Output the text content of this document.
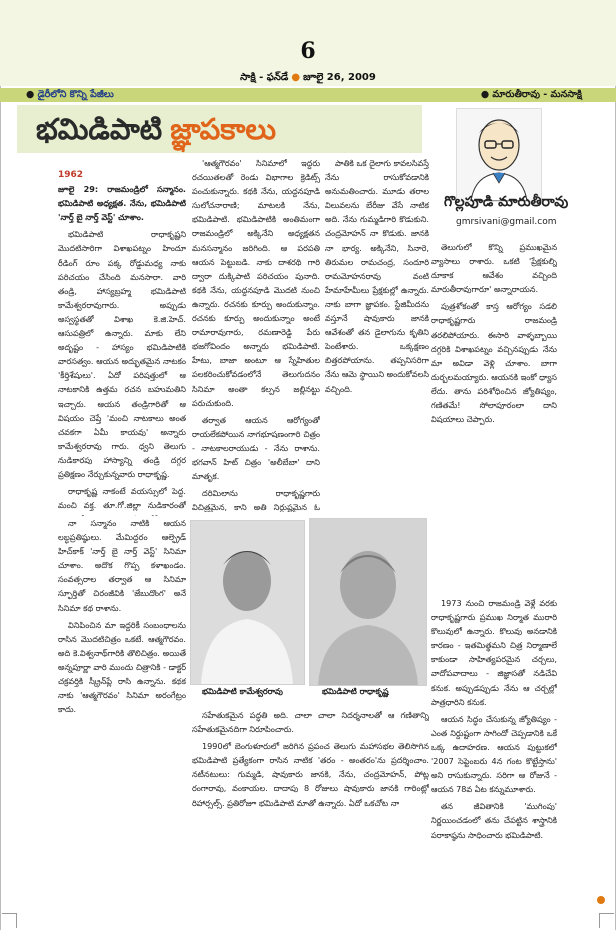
6
సాక్షి - ఫన్‌డే ● జూలై 26, 2009
● డైరీలోని కొన్ని పేజీలు	● మారుతీరావు - మనసాక్షి
భమిడిపాటి జ్ఞాపకాలు
గొల్లపూడి మారుతీరావు
gmrsivani@gmail.com
1962

జూలై 29: రాజమండ్రిలో సన్మానం. భమిడిపాటి అధ్యక్షత. నేను, భమిడిపాటి 'నార్త్ బై నార్త్ వెస్ట్' చూశాం.

భమిడిపాటి రాధాకృష్ణని మొదటిసారిగా విశాఖపట్నం హిందూ రీడింగ్ రూం పక్క రోడ్డుమధ్య నాకు పరిచయం చేసింది మనసారా. వారి తండ్రి, హాస్యబ్రహ్మ భమిడిపాటి కామేశ్వరరావుగారు. అప్పుడు అస్వస్థతతో విశాఖ కె.జి.హెచ్. ఆసుపత్రిలో ఉన్నారు. మాకు లేని అదృష్టం - హాస్యం భమిడిపాటికి వారసత్వం. ఆయన అద్భుతమైన నాటకం 'కీర్తిశేషులు'. ఏదో పరిషత్తులో ఆ నాటకానికి ఉత్తమ రచన బహుమతిని ఇచ్చారు. ఆయన తండ్రిగారితో ఆ విషయం చెప్తే 'మంచి నాటకాలు అంత చవకగా ఏమీ కాయవు' అన్నారు కామేశ్వరరావు గారు. ధ్వని తెలుగు నుడికారపు హాస్యాన్ని తండ్రి దగ్గర ప్రతిక్షణం నేర్చుకున్నవారు రాధాకృష్ణ.

రాధాకృష్ణ నాకంటే వయస్సులో పెద్ద. మంచి వక్త. తూ.గో.జిల్లా నుడికారంతో

నా సన్మానం నాటికి ఆయన లబ్ధప్రతిష్ఠులు. మేమిద్దరం ఆల్ఫ్రెడ్ హిచ్‌కాక్ 'నార్త్ బై నార్త్ వెస్ట్' సినిమా చూశాం. అదొక గొప్ప కళాఖండం. సంవత్సరాల తర్వాత ఆ సినిమా స్ఫూర్తితో చిరంజీవికి 'జేబుదొంగ' అనే సినిమా కథ రాశాను.

వినిపించిన మా ఇద్దరికీ సంబంధాలను రాసిన మొదటిచిత్రం ఒకటే. ఆత్మగౌరవం. అది కె.విశ్వనాథ్‌గారికి తొలిచిత్రం. అయితే అన్నపూర్ణా వారి ముందు చిత్రానికి - డాక్టర్ చక్రవర్తికి స్క్రీన్‌ప్లే రాసి ఉన్నాను. కథక నాకు 'ఆత్మగౌరవం' సినిమా అరంగేట్రం కాదు.

'ఆత్మగౌరవం' సినిమాలో ఇద్దరు రచయితలతో రెండు విభాగాల క్రెడిట్స్ పంచుకున్నారు. కథకి నేను, యద్దనపూడి సులోచనారాణి; మాటలకి నేను, భమిడిపాటి. భమిడిపాటికి అంతిమంగా రాజమండ్రిలో అక్కినేని అధ్యక్షతన మనసన్మానం జరిగింది. ఆ పరపతి ఆయన పెట్టుబడి. నాకు దాశరథి గారి ద్వారా దుక్కిపాటి పరిచయం పునాది. కథకి నేను, యద్దనపూడి మొదటి నుంచి ఉన్నారు. రచనకు కూర్పు అందుకున్నాం. రచనకు కూర్పు అందుకున్నాం అంటే రామారావుగారు, రమణారెడ్డి పేరు భజగోవిందం అన్నారు భమిడిపాటి. హేటు, బాజా అంటూ ఆ స్నేహితుల పలకరించుకోవడంలోనే తెలుగుదనం సినిమా అంతా కల్పన జల్లినట్టు పరుచుకుంది.

తర్వాత ఆయన ఆరోగ్యంతో రాయలేకపోయిన నాగభూషణంగారి చిత్రం - నాటకాలరాయుడు - నేను రాశాను. భగవాన్ హిట్ చిత్రం 'అలీబేబా' దాని మాతృక.

దరిమిలాను రాధాకృష్ణగారు విచిత్రమైన, కాని అతి నిర్దుష్టమైన ఓ

పాతికి ఒక దైలాగు కావలసివస్తే నేను రాసుకోవడానికి అనుమతించారు. మూడు తరాల విలువలను బేరీజు వేసే నాటిక అది. నేను గుమ్మడిగారి కొడుకుని. చంద్రమోహన్ నా కొడుకు. జానకి నా భార్య. అక్కినేని, సినారె, తిరుమల రామచంద్ర, సందూరి రామమోహనరావు వంటి హేమాహేమీలు ప్రేక్షకుల్లో ఉన్నారు. నాకు బాగా జ్ఞాపకం. స్టేజిమీదను వస్తూనే షావుకారు జానకి ఆవేశంతో తన డైలాగును కృతిని పెంటేశారు. ఒక్కక్షణం బిత్తరపోయాను. తప్పనిసరిగా నేను ఆమె స్థాయిని అందుకోవలసి వచ్చింది.

తెలుగులో కొన్ని ప్రముఖమైన వ్యాసాలు రాశారు. ఒకటి 'ప్రేక్షకుల్ని దూకాక ఆవేశం వచ్చింది మారుతీరావుగారూ' అన్నారాయన.

పుత్రశోకంతో కాస్త ఆరోగ్యం సడలి రాధాకృష్ణగారు రాజమండ్రి తరలిపోయారు. ఈసారి వాళ్ళబ్బాయి దగ్గరికి విశాఖపట్నం వచ్చినప్పుడు నేను మా అవిడా వెళ్లి చూశాం. బాగా దుర్బలమయ్యారు. ఆయనకి ఇంకో ధ్యాస లేదు. తాను పరిశోధించిన జ్యోతిష్యం, గణితమే! సోలాపూరంలా దాని విషయాలు చెప్పారు.

1973 నుంచి రాజమండ్రి వెళ్లే వరకు రాధాకృష్ణగారు ప్రముఖ నిర్మాత మురారి కొలువులో ఉన్నారు. కొలువు అనడానికి కారణం - ఇతమిత్థమని చిత్ర నిర్మాణాలే కాకుండా సాహిత్యపరమైన చర్చలు, వాదోపవాదాలు - జిజ్ఞాసతో నడిచేవి కనుక. అప్పుడప్పుడు నేను ఆ చర్చల్లో పాత్రధారిని కనుక.

ఆయన సిద్ధం చేసుకున్న జ్యోతిష్యం - ఎంత నిర్దుష్టంగా సాగిందో చెప్పడానికి ఒకే ఒక్క ఉదాహరణ. ఆయన పుట్టుకలో '2007 సెప్టెంబరు 4న గంట కొట్టేస్తాను' అని రాసుకున్నారు. సరిగా ఆ రోజునే - ఆయన 78వ ఏట కన్నుమూశారు.

తన జీవితానికి 'ముగింపు' నిర్ణయించడంలో తను చేపట్టిన శాస్త్రానికి పరాకాష్ఠను సాధించారు భమిడిపాటి.

భమిడిపాటి కామేశ్వరరావు	భమిడిపాటి రాధాకృష్ణ

సహేతుకమైన పద్ధతి అది. చాలా చాలా నిదర్శనాలతో ఆ గణితాన్ని సహేతుకమైనదిగా నిరూపించారు.

1990లో బెంగుళూరులో జరిగిన ప్రపంచ తెలుగు మహాసభల తెలిసొగిన భమిడిపాటి ప్రత్యేకంగా రాసిన నాటిక 'తరం - అంతరం'ను ప్రదర్శించాం. నటీనటులు: గుమ్మడి, షావుకారు జానకి, నేను, చంద్రమోహన్, పోట్ల రంగారావు, వంకాయల. దాదాపు 8 రోజులు షావుకారు జానకి గారింట్లో రిహార్సల్స్. ప్రతిరోజూ భమిడిపాటి మాతో ఉన్నారు. ఏదో ఒకచోట నా
